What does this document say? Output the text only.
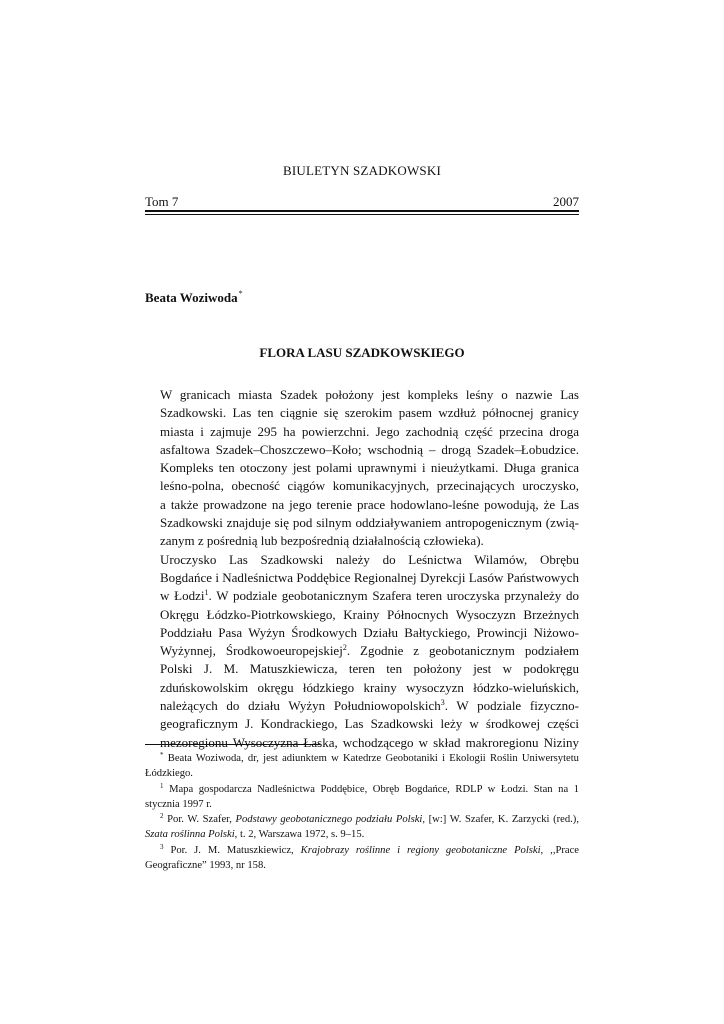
BIULETYN SZADKOWSKI
Tom 7	2007
Beata Woziwoda*
FLORA LASU SZADKOWSKIEGO

W granicach miasta Szadek położony jest kompleks leśny o nazwie Las
Szadkowski. Las ten ciągnie się szerokim pasem wzdłuż północnej granicy
miasta i zajmuje 295 ha powierzchni. Jego zachodnią część przecina droga
asfaltowa Szadek–Choszczewo–Koło; wschodnią – drogą Szadek–Łobudzice.
Kompleks ten otoczony jest polami uprawnymi i nieużytkami. Długa granica
leśno-polna, obecność ciągów komunikacyjnych, przecinających uroczysko,
a także prowadzone na jego terenie prace hodowlano-leśne powodują, że Las
Szadkowski znajduje się pod silnym oddziaływaniem antropogenicznym (zwią-
zanym z pośrednią lub bezpośrednią działalnością człowieka).

Uroczysko Las Szadkowski należy do Leśnictwa Wilamów, Obrębu
Bogdańce i Nadleśnictwa Poddębice Regionalnej Dyrekcji Lasów Państwowych
w Łodzi$^1$. W podziale geobotanicznym Szafera teren uroczyska przynależy do
Okręgu Łódzko-Piotrkowskiego, Krainy Północnych Wysoczyzn Brzeżnych
Poddziału Pasa Wyżyn Środkowych Działu Bałtyckiego, Prowincji Niżowo-
Wyżynnej, Środkowoeuropejskiej$^2$. Zgodnie z geobotanicznym podziałem
Polski J. M. Matuszkiewicza, teren ten położony jest w podokręgu
zduńskowolskim okręgu łódzkiego krainy wysoczyzn łódzko-wieluńskich,
należących do działu Wyżyn Południowopolskich$^3$. W podziale fizyczno-
geograficznym J. Kondrackiego, Las Szadkowski leży w środkowej części
mezoregionu Wysoczyzna Łaska, wchodzącego w skład makroregionu Niziny

* Beata Woziwoda, dr, jest adiunktem w Katedrze Geobotaniki i Ekologii Roślin Uniwersytetu Łódzkiego.

$^1$ Mapa gospodarcza Nadleśnictwa Poddębice, Obręb Bogdańce, RDLP w Łodzi. Stan na 1 stycznia 1997 r.

$^2$ Por. W. Szafer, Podstawy geobotanicznego podziału Polski, [w:] W. Szafer, K. Zarzycki (red.), Szata roślinna Polski, t. 2, Warszawa 1972, s. 9–15.

$^3$ Por. J. M. Matuszkiewicz, Krajobrazy roślinne i regiony geobotaniczne Polski, ,,Prace Geograficzne” 1993, nr 158.
